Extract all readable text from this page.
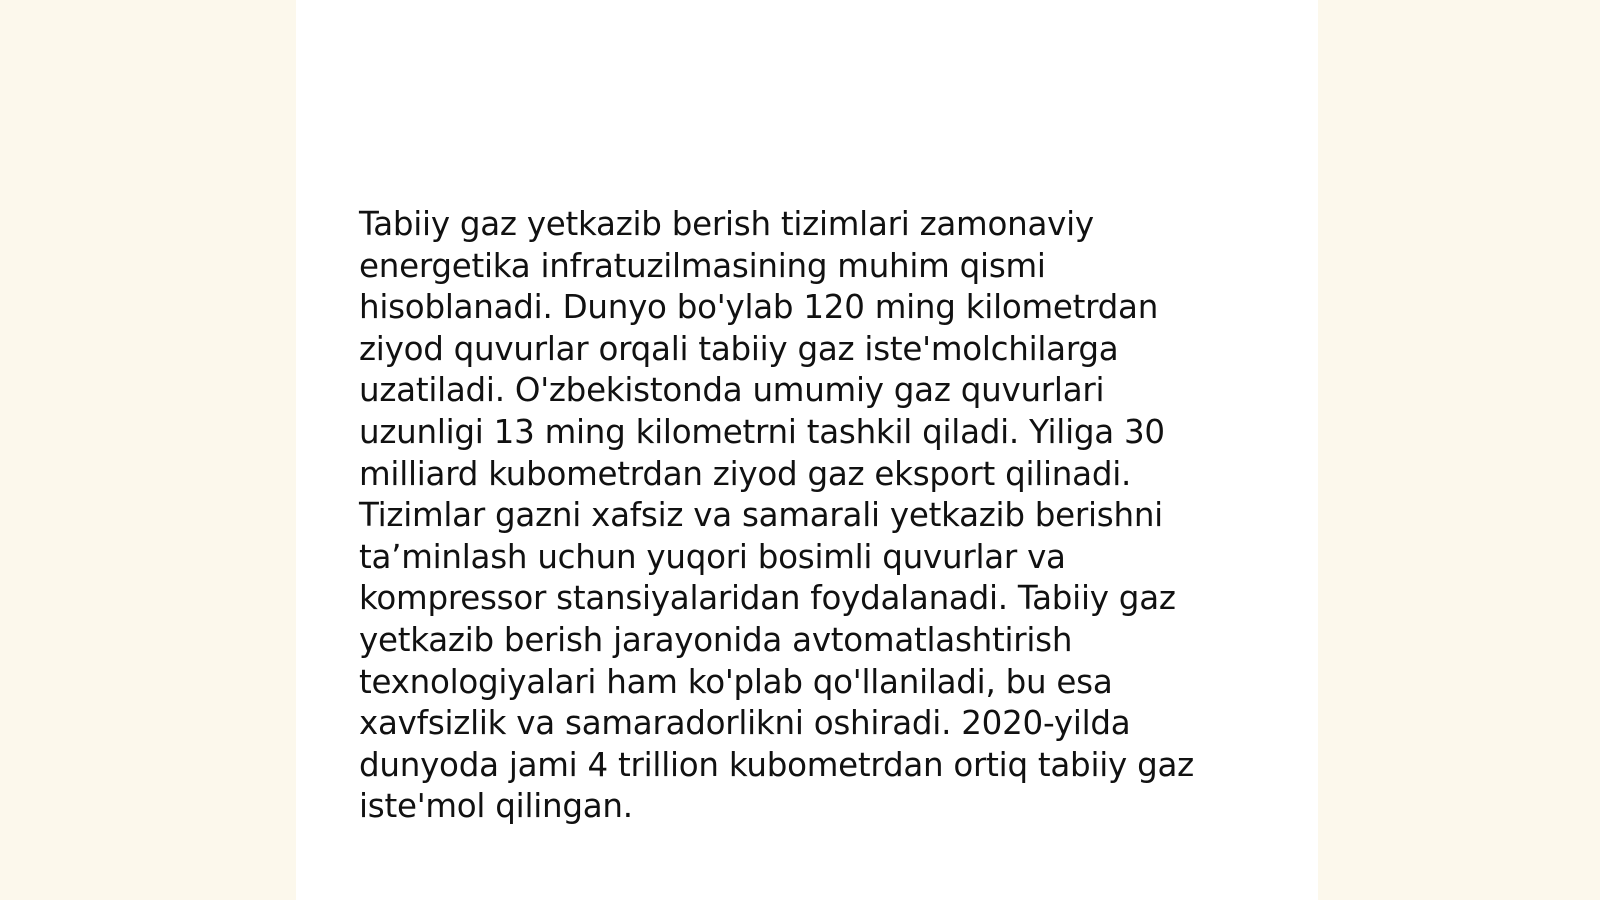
Tabiiy gaz yetkazib berish tizimlari zamonaviy energetika infratuzilmasining muhim qismi hisoblanadi. Dunyo bo'ylab 120 ming kilometrdan ziyod quvurlar orqali tabiiy gaz iste'molchilarga uzatiladi. O'zbekistonda umumiy gaz quvurlari uzunligi 13 ming kilometrni tashkil qiladi. Yiliga 30 milliard kubometrdan ziyod gaz eksport qilinadi. Tizimlar gazni xafsiz va samarali yetkazib berishni ta’minlash uchun yuqori bosimli quvurlar va kompressor stansiyalaridan foydalanadi. Tabiiy gaz yetkazib berish jarayonida avtomatlashtirish texnologiyalari ham ko'plab qo'llaniladi, bu esa xavfsizlik va samaradorlikni oshiradi. 2020-yilda dunyoda jami 4 trillion kubometrdan ortiq tabiiy gaz iste'mol qilingan.
